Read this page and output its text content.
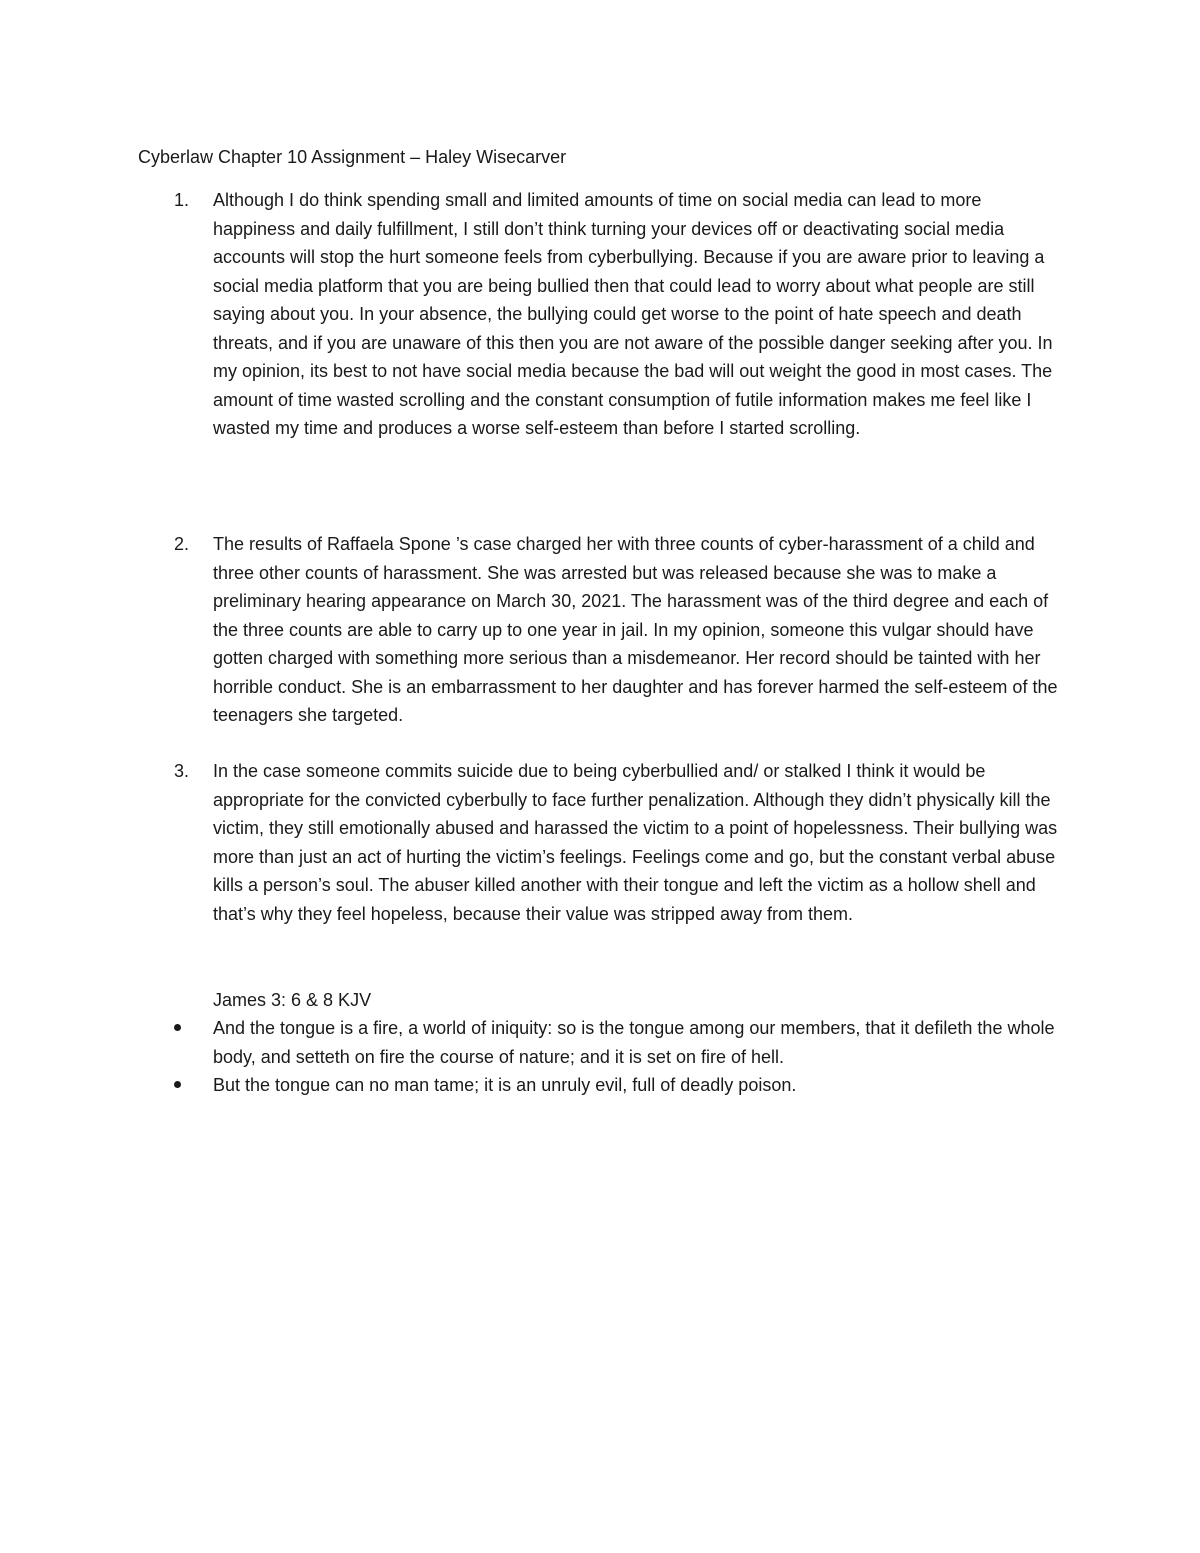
Cyberlaw Chapter 10 Assignment – Haley Wisecarver
1.	Although I do think spending small and limited amounts of time on social media can lead to more happiness and daily fulfillment, I still don’t think turning your devices off or deactivating social media accounts will stop the hurt someone feels from cyberbullying. Because if you are aware prior to leaving a social media platform that you are being bullied then that could lead to worry about what people are still saying about you. In your absence, the bullying could get worse to the point of hate speech and death threats, and if you are unaware of this then you are not aware of the possible danger seeking after you. In my opinion, its best to not have social media because the bad will out weight the good in most cases. The amount of time wasted scrolling and the constant consumption of futile information makes me feel like I wasted my time and produces a worse self-esteem than before I started scrolling.
2.	The results of Raffaela Spone ’s case charged her with three counts of cyber-harassment of a child and three other counts of harassment. She was arrested but was released because she was to make a preliminary hearing appearance on March 30, 2021. The harassment was of the third degree and each of the three counts are able to carry up to one year in jail. In my opinion, someone this vulgar should have gotten charged with something more serious than a misdemeanor. Her record should be tainted with her horrible conduct. She is an embarrassment to her daughter and has forever harmed the self-esteem of the teenagers she targeted.
3.	In the case someone commits suicide due to being cyberbullied and/ or stalked I think it would be appropriate for the convicted cyberbully to face further penalization. Although they didn’t physically kill the victim, they still emotionally abused and harassed the victim to a point of hopelessness. Their bullying was more than just an act of hurting the victim’s feelings. Feelings come and go, but the constant verbal abuse kills a person’s soul. The abuser killed another with their tongue and left the victim as a hollow shell and that’s why they feel hopeless, because their value was stripped away from them.
James 3: 6 & 8 KJV
And the tongue is a fire, a world of iniquity: so is the tongue among our members, that it defileth the whole body, and setteth on fire the course of nature; and it is set on fire of hell.
But the tongue can no man tame; it is an unruly evil, full of deadly poison.
